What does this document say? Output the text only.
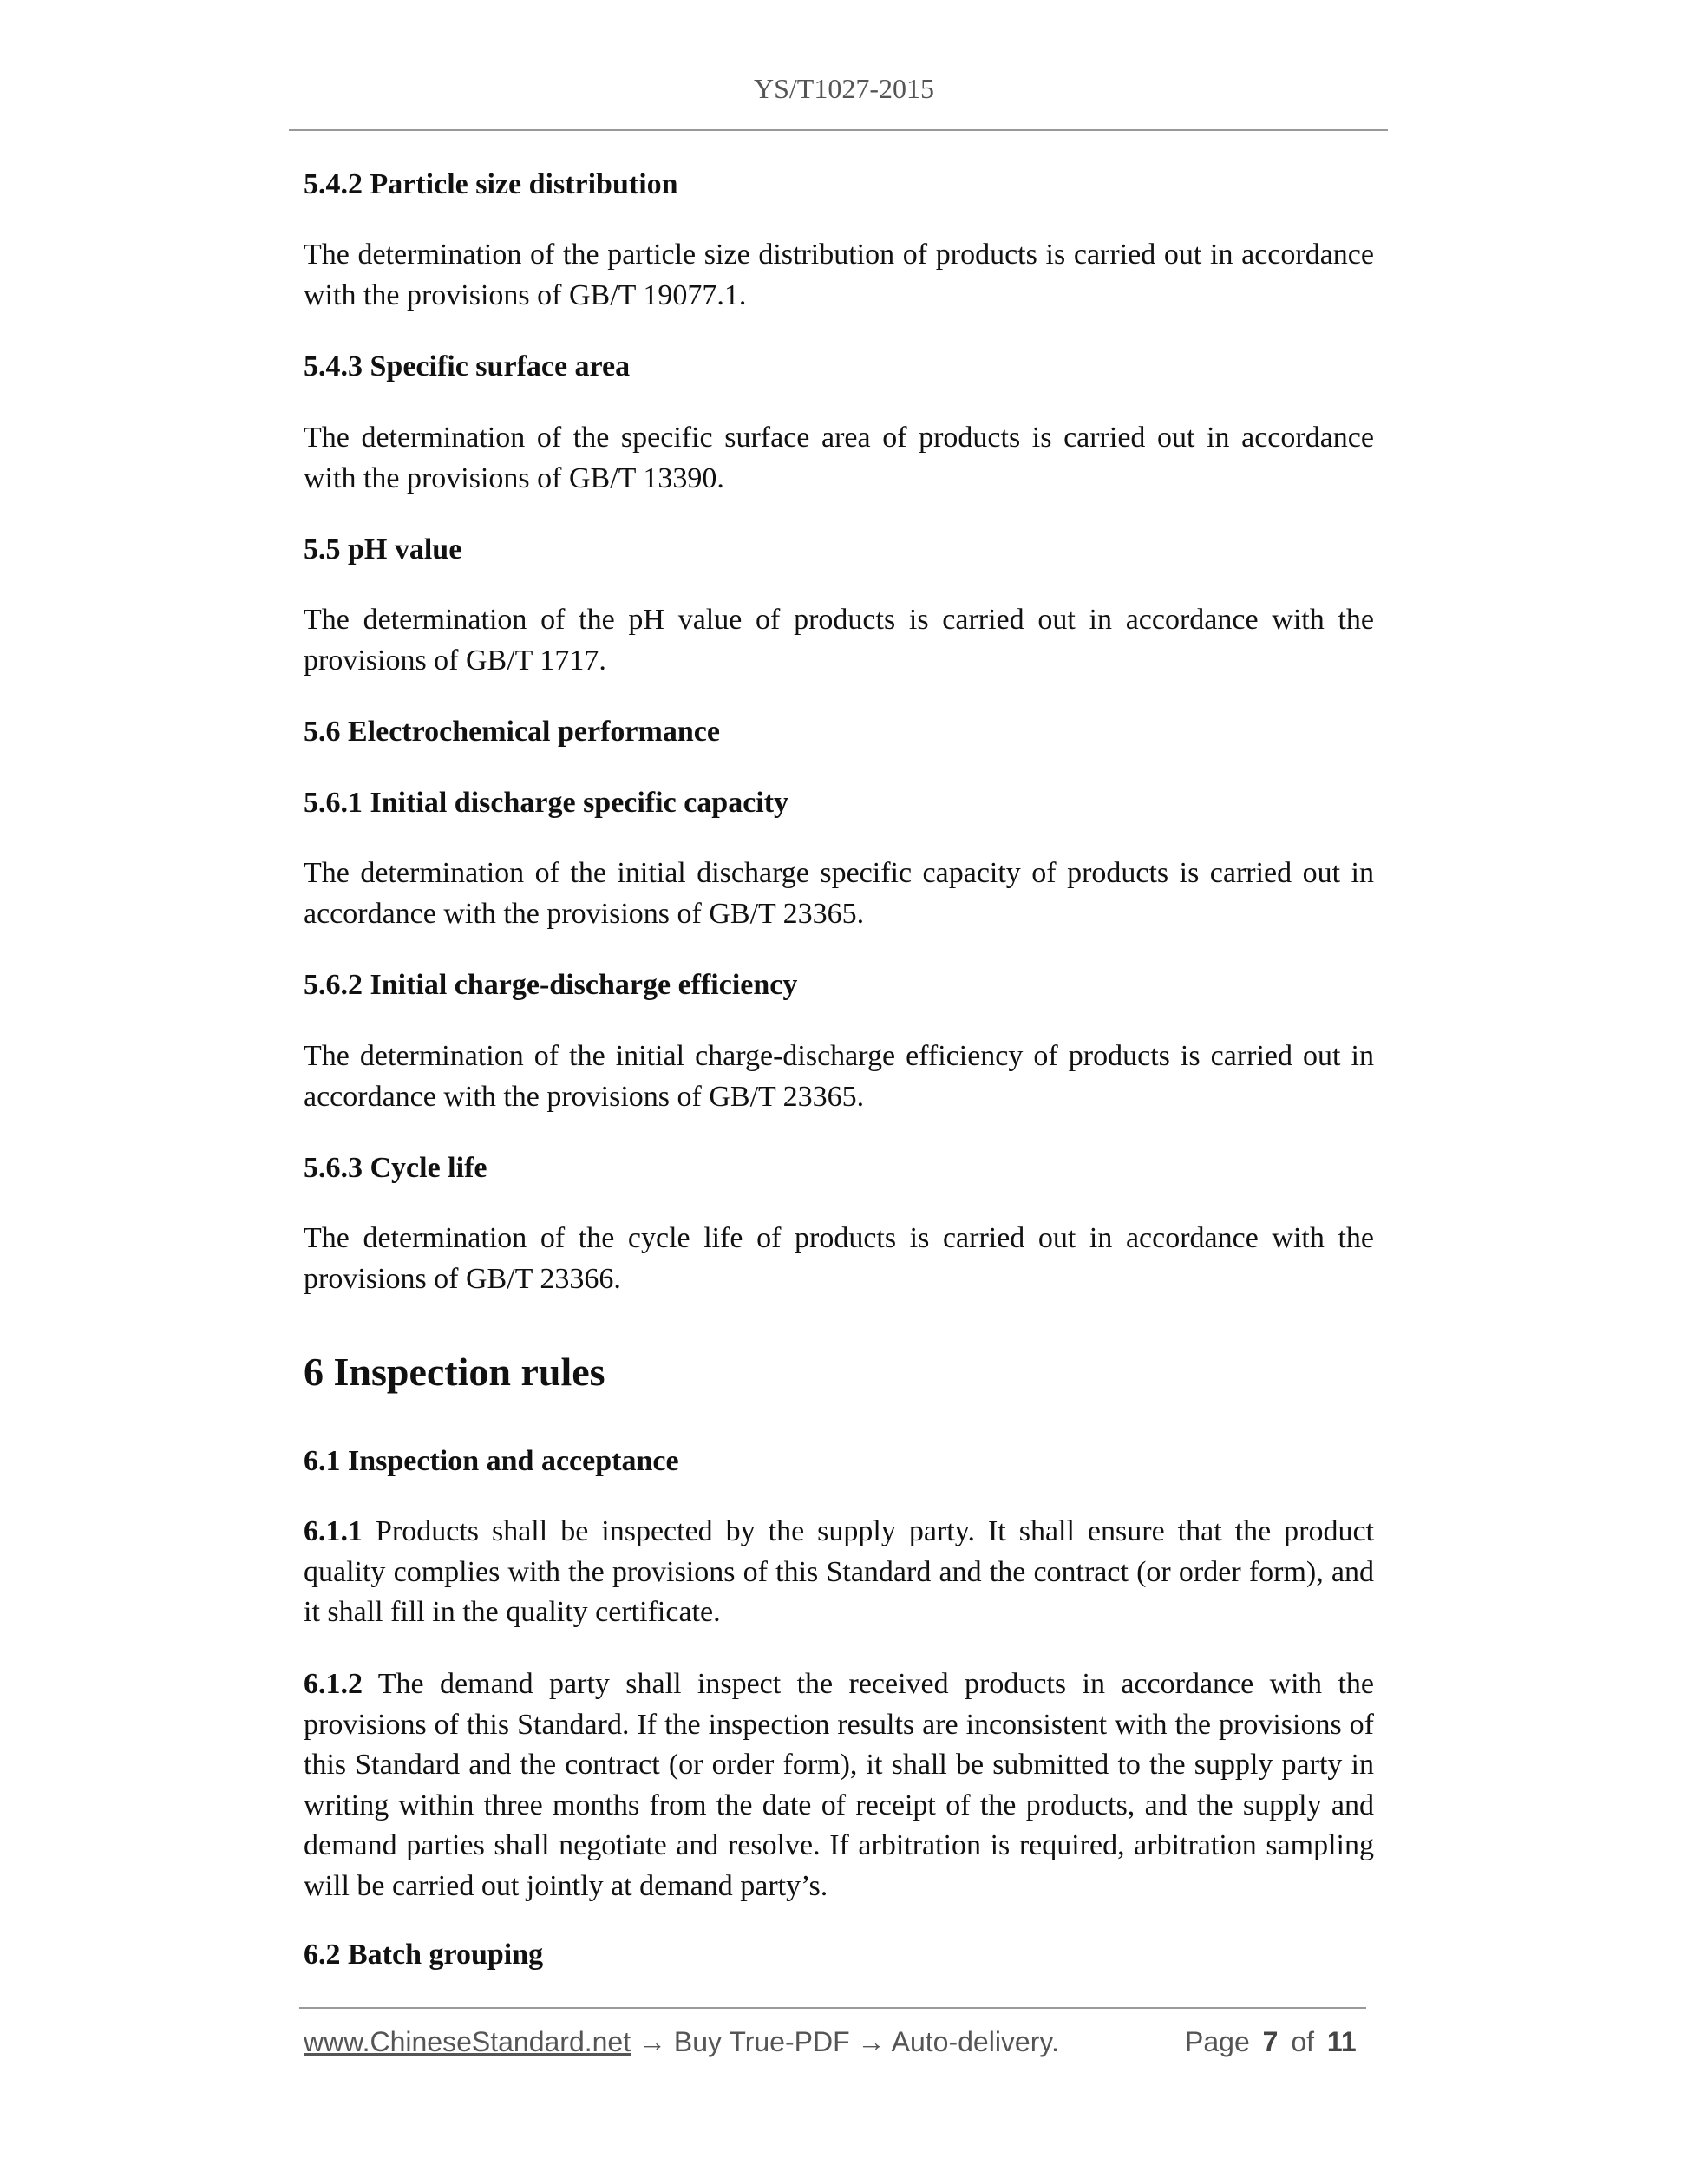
YS/T1027-2015
5.4.2 Particle size distribution
The determination of the particle size distribution of products is carried out in accordance with the provisions of GB/T 19077.1.
5.4.3 Specific surface area
The determination of the specific surface area of products is carried out in accordance with the provisions of GB/T 13390.
5.5 pH value
The determination of the pH value of products is carried out in accordance with the provisions of GB/T 1717.
5.6 Electrochemical performance
5.6.1 Initial discharge specific capacity
The determination of the initial discharge specific capacity of products is carried out in accordance with the provisions of GB/T 23365.
5.6.2 Initial charge-discharge efficiency
The determination of the initial charge-discharge efficiency of products is carried out in accordance with the provisions of GB/T 23365.
5.6.3 Cycle life
The determination of the cycle life of products is carried out in accordance with the provisions of GB/T 23366.
6 Inspection rules
6.1 Inspection and acceptance
6.1.1 Products shall be inspected by the supply party. It shall ensure that the product quality complies with the provisions of this Standard and the contract (or order form), and it shall fill in the quality certificate.
6.1.2 The demand party shall inspect the received products in accordance with the provisions of this Standard. If the inspection results are inconsistent with the provisions of this Standard and the contract (or order form), it shall be submitted to the supply party in writing within three months from the date of receipt of the products, and the supply and demand parties shall negotiate and resolve. If arbitration is required, arbitration sampling will be carried out jointly at demand party’s.
6.2 Batch grouping
www.ChineseStandard.net → Buy True-PDF → Auto-delivery.	Page 7 of 11
